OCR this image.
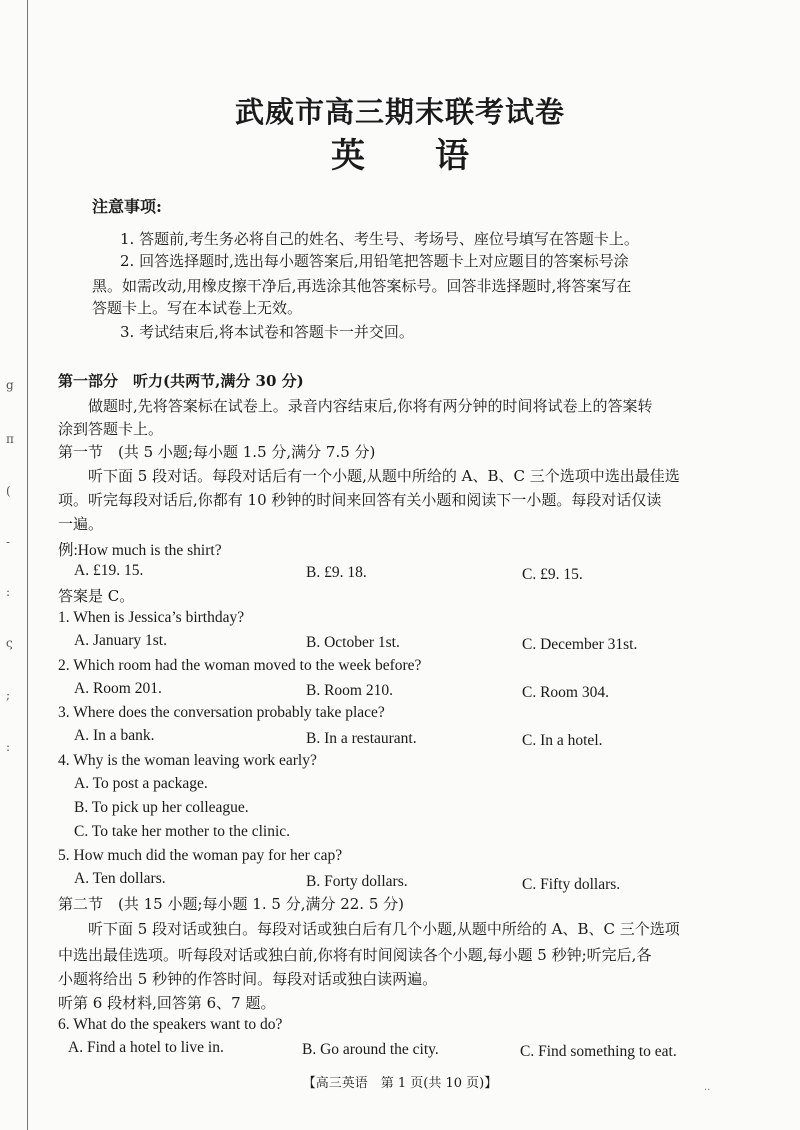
g
π
(
-
:
ς
;
:
武威市高三期末联考试卷
英 语
注意事项:
1. 答题前,考生务必将自己的姓名、考生号、考场号、座位号填写在答题卡上。
2. 回答选择题时,选出每小题答案后,用铅笔把答题卡上对应题目的答案标号涂
黑。如需改动,用橡皮擦干净后,再选涂其他答案标号。回答非选择题时,将答案写在
答题卡上。写在本试卷上无效。
3. 考试结束后,将本试卷和答题卡一并交回。
第一部分　听力(共两节,满分 30 分)
做题时,先将答案标在试卷上。录音内容结束后,你将有两分钟的时间将试卷上的答案转
涂到答题卡上。
第一节　(共 5 小题;每小题 1.5 分,满分 7.5 分)
听下面 5 段对话。每段对话后有一个小题,从题中所给的 A、B、C 三个选项中选出最佳选
项。听完每段对话后,你都有 10 秒钟的时间来回答有关小题和阅读下一小题。每段对话仅读
一遍。
例:How much is the shirt?
A. £19. 15.	B. £9. 18.	C. £9. 15.
答案是 C。
1. When is Jessica’s birthday?
A. January 1st.	B. October 1st.	C. December 31st.
2. Which room had the woman moved to the week before?
A. Room 201.	B. Room 210.	C. Room 304.
3. Where does the conversation probably take place?
A. In a bank.	B. In a restaurant.	C. In a hotel.
4. Why is the woman leaving work early?
A. To post a package.
B. To pick up her colleague.
C. To take her mother to the clinic.
5. How much did the woman pay for her cap?
A. Ten dollars.	B. Forty dollars.	C. Fifty dollars.
第二节　(共 15 小题;每小题 1. 5 分,满分 22. 5 分)
听下面 5 段对话或独白。每段对话或独白后有几个小题,从题中所给的 A、B、C 三个选项
中选出最佳选项。听每段对话或独白前,你将有时间阅读各个小题,每小题 5 秒钟;听完后,各
小题将给出 5 秒钟的作答时间。每段对话或独白读两遍。
听第 6 段材料,回答第 6、7 题。
6. What do the speakers want to do?
A. Find a hotel to live in.	B. Go around the city.	C. Find something to eat.
【高三英语　第 1 页(共 10 页)】	..
